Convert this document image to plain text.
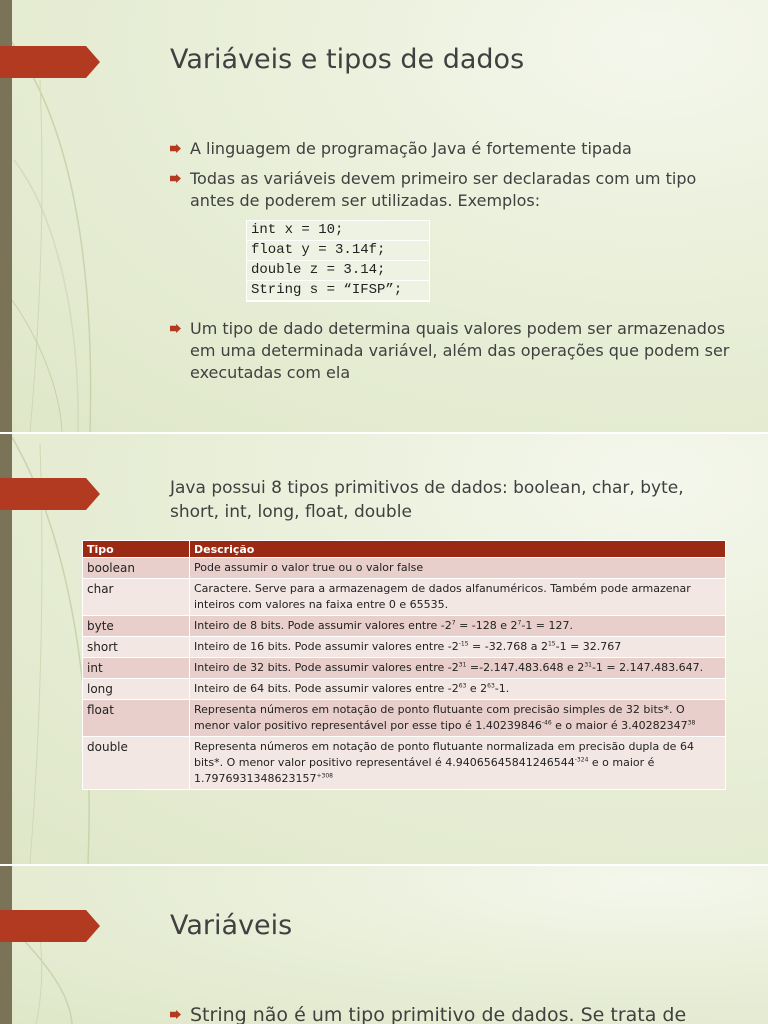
Variáveis e tipos de dados
A linguagem de programação Java é fortemente tipada
Todas as variáveis devem primeiro ser declaradas com um tipo antes de poderem ser utilizadas. Exemplos:
int x = 10;
float y = 3.14f;
double z = 3.14;
String s = “IFSP”;
Um tipo de dado determina quais valores podem ser armazenados em uma determinada variável, além das operações que podem ser executadas com ela

Java possui 8 tipos primitivos de dados: boolean, char, byte, short, int, long, float, double

Tipo	Descrição
boolean	Pode assumir o valor true ou o valor false
char	Caractere. Serve para a armazenagem de dados alfanuméricos. Também pode armazenar inteiros com valores na faixa entre 0 e 65535.
byte	Inteiro de 8 bits. Pode assumir valores entre $-2^7 = -128$ e $2^7-1 = 127$.
short	Inteiro de 16 bits. Pode assumir valores entre $-2^{-15} = -32.768$ a $2^{15}-1 = 32.767$
int	Inteiro de 32 bits. Pode assumir valores entre $-2^{31} =-2.147.483.648$ e $2^{31}-1 = 2.147.483.647$.
long	Inteiro de 64 bits. Pode assumir valores entre $-2^{63}$ e $2^{63}-1$.
float	Representa números em notação de ponto flutuante com precisão simples de 32 bits*. O menor valor positivo representável por esse tipo é $1.40239846^{-46}$ e o maior é 3.40282347$^{38}$
double	Representa números em notação de ponto flutuante normalizada em precisão dupla de 64 bits*. O menor valor positivo representável é $4.94065645841246544^{-324}$ e o maior é $1.7976931348623157^{+308}$
Variáveis
String não é um tipo primitivo de dados. Se trata de
